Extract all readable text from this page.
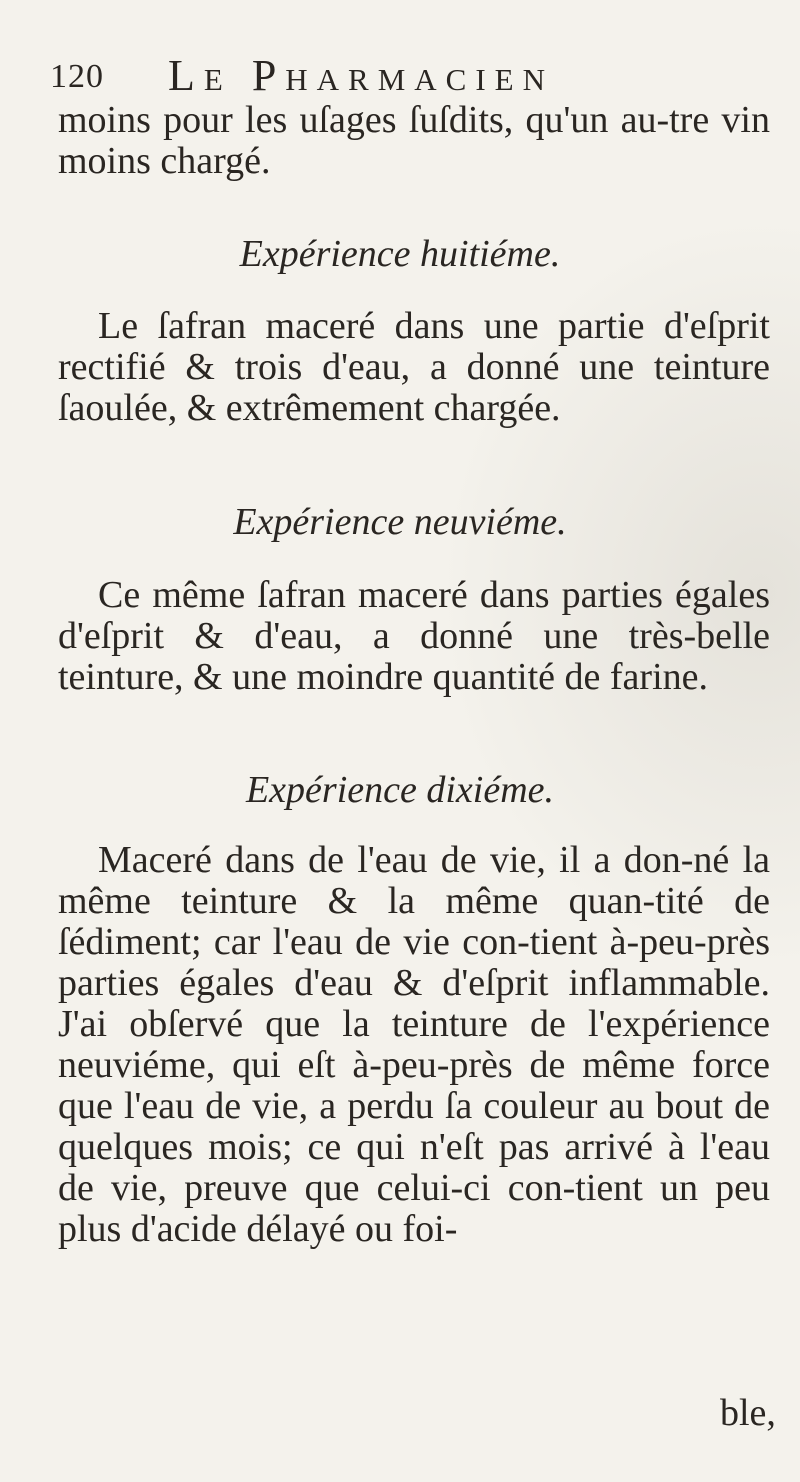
120 Le Pharmacien

moins pour les uſages ſuſdits, qu'un au-tre vin moins chargé.

Expérience huitiéme.

Le ſafran maceré dans une partie d'eſprit rectifié & trois d'eau, a donné une teinture ſaoulée, & extrêmement chargée.

Expérience neuviéme.

Ce même ſafran maceré dans parties égales d'eſprit & d'eau, a donné une très-belle teinture, & une moindre quantité de farine.

Expérience dixiéme.

Maceré dans de l'eau de vie, il a don-né la même teinture & la même quan-tité de ſédiment; car l'eau de vie con-tient à-peu-près parties égales d'eau & d'eſprit inflammable. J'ai obſervé que la teinture de l'expérience neuviéme, qui eſt à-peu-près de même force que l'eau de vie, a perdu ſa couleur au bout de quelques mois; ce qui n'eſt pas arrivé à l'eau de vie, preuve que celui-ci con-tient un peu plus d'acide délayé ou foi-

ble,
